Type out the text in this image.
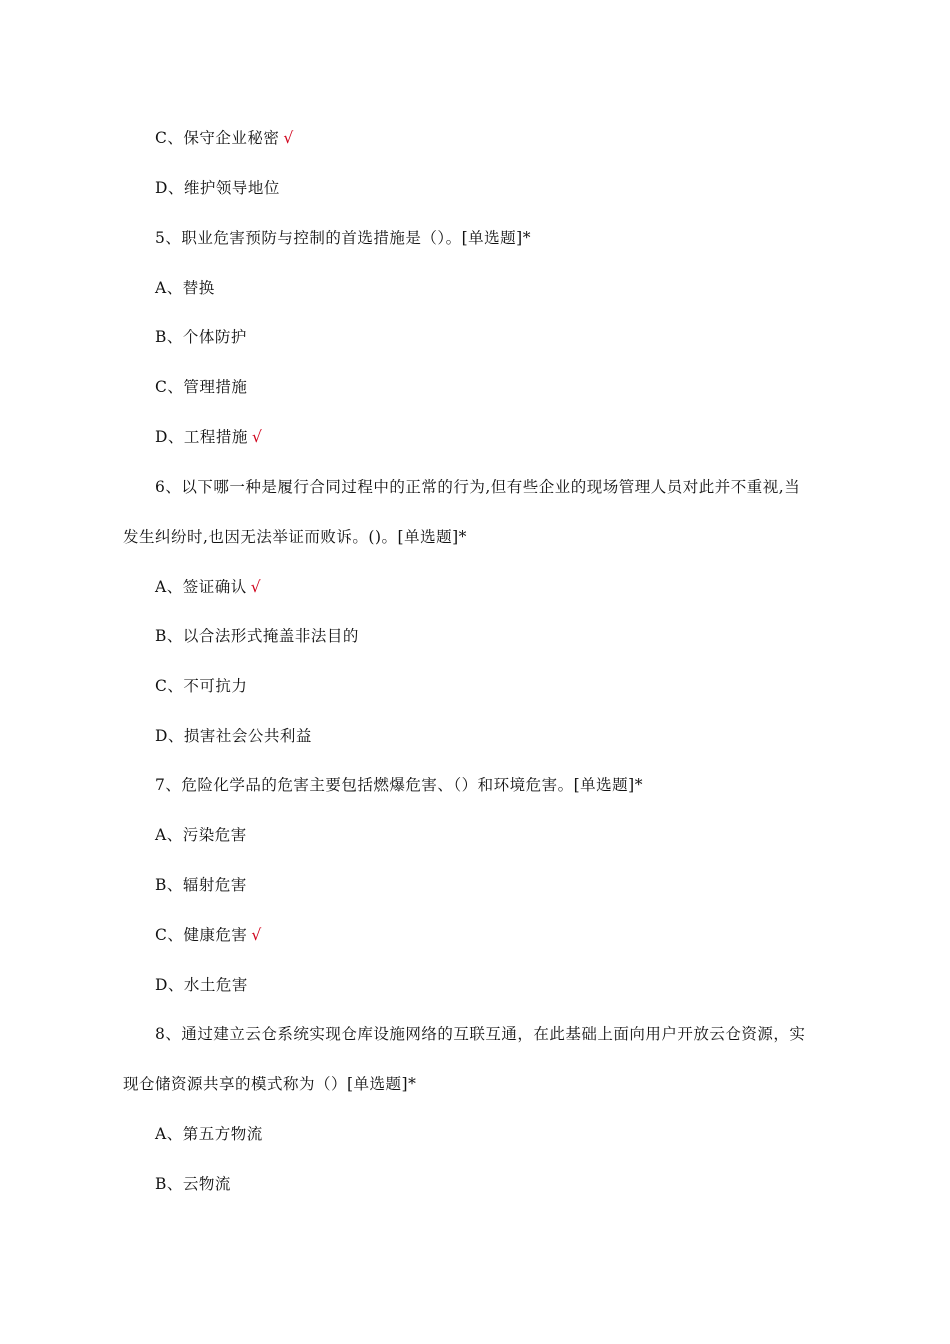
C、保守企业秘密 √
D、维护领导地位
5、职业危害预防与控制的首选措施是（）。[单选题]*
A、替换
B、个体防护
C、管理措施
D、工程措施 √
6、以下哪一种是履行合同过程中的正常的行为,但有些企业的现场管理人员对此并不重视,当
发生纠纷时,也因无法举证而败诉。()。[单选题]*
A、签证确认 √
B、以合法形式掩盖非法目的
C、不可抗力
D、损害社会公共利益
7、危险化学品的危害主要包括燃爆危害、（）和环境危害。[单选题]*
A、污染危害
B、辐射危害
C、健康危害 √
D、水土危害
8、通过建立云仓系统实现仓库设施网络的互联互通，在此基础上面向用户开放云仓资源，实
现仓储资源共享的模式称为（）[单选题]*
A、第五方物流
B、云物流
